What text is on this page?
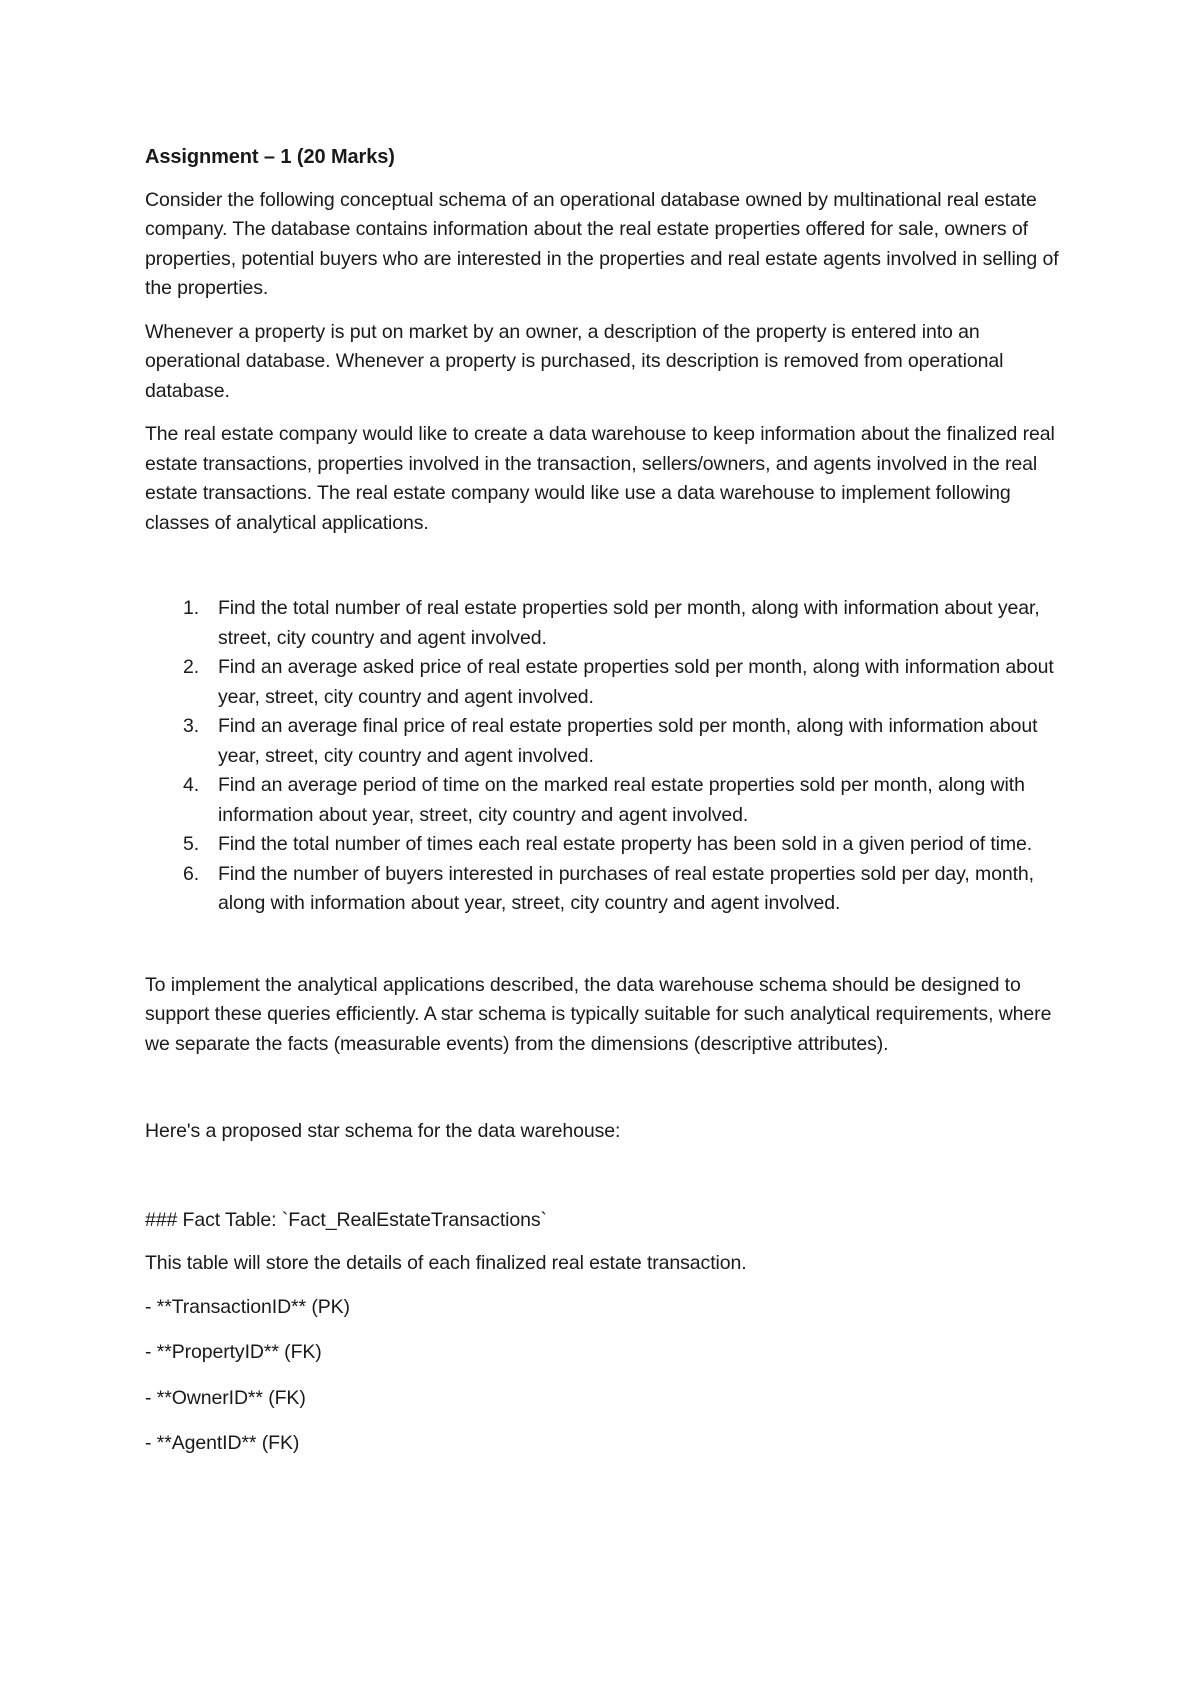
Assignment – 1 (20 Marks)

Consider the following conceptual schema of an operational database owned by multinational real estate company. The database contains information about the real estate properties offered for sale, owners of properties, potential buyers who are interested in the properties and real estate agents involved in selling of the properties.

Whenever a property is put on market by an owner, a description of the property is entered into an operational database. Whenever a property is purchased, its description is removed from operational database.

The real estate company would like to create a data warehouse to keep information about the finalized real estate transactions, properties involved in the transaction, sellers/owners, and agents involved in the real estate transactions. The real estate company would like use a data warehouse to implement following classes of analytical applications.

1. Find the total number of real estate properties sold per month, along with information about year, street, city country and agent involved.
2. Find an average asked price of real estate properties sold per month, along with information about year, street, city country and agent involved.
3. Find an average final price of real estate properties sold per month, along with information about year, street, city country and agent involved.
4. Find an average period of time on the marked real estate properties sold per month, along with information about year, street, city country and agent involved.
5. Find the total number of times each real estate property has been sold in a given period of time.
6. Find the number of buyers interested in purchases of real estate properties sold per day, month, along with information about year, street, city country and agent involved.

To implement the analytical applications described, the data warehouse schema should be designed to support these queries efficiently. A star schema is typically suitable for such analytical requirements, where we separate the facts (measurable events) from the dimensions (descriptive attributes).

Here's a proposed star schema for the data warehouse:

### Fact Table: `Fact_RealEstateTransactions`

This table will store the details of each finalized real estate transaction.

- **TransactionID** (PK)

- **PropertyID** (FK)

- **OwnerID** (FK)

- **AgentID** (FK)
